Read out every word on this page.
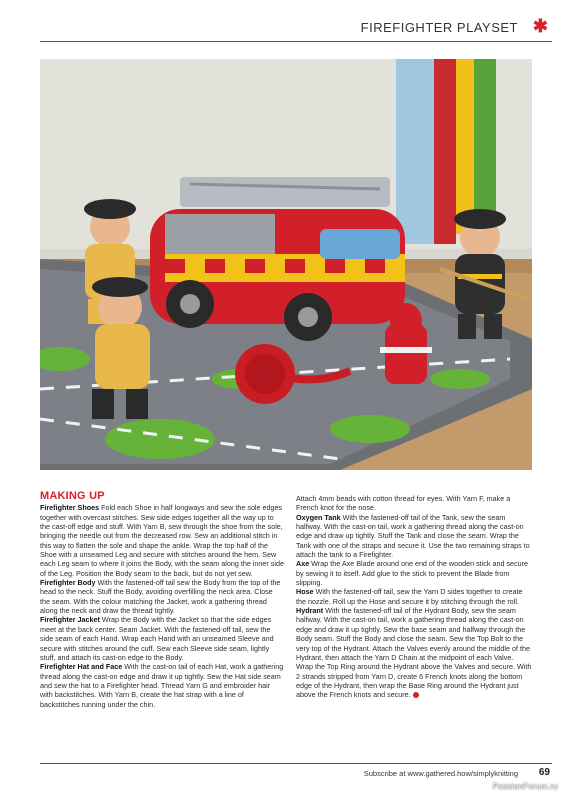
FIREFIGHTER PLAYSET ✱
MAKING UP

Firefighter Shoes Fold each Shoe in half longways and sew the sole edges together with overcast stitches. Sew side edges together all the way up to the cast-off edge and stuff. With Yarn B, sew through the shoe from the sole, bringing the needle out from the decreased row. Sew an additional stitch in this way to flatten the sole and shape the ankle. Wrap the top half of the Shoe with a unseamed Leg and secure with stitches around the hem. Sew each Leg seam to where it joins the Body, with the seam along the inner side of the Leg. Position the Body seam to the back, but do not yet sew.

Firefighter Body With the fastened-off tail sew the Body from the top of the head to the neck. Stuff the Body, avoiding overfilling the neck area. Close the seam. With the colour matching the Jacket, work a gathering thread along the neck and draw the thread tightly.

Firefighter Jacket Wrap the Body with the Jacket so that the side edges meet at the back center. Seam Jacket. With the fastened-off tail, sew the side seam of each Hand. Wrap each Hand with an unseamed Sleeve and secure with stitches around the cuff. Sew each Sleeve side seam, lightly stuff, and attach its cast-on edge to the Body.

Firefighter Hat and Face With the cast-on tail of each Hat, work a gathering thread along the cast-on edge and draw it up tightly. Sew the Hat side seam and sew the hat to a Firefighter head. Thread Yarn G and embroider hair with backstitches. With Yarn B, create the hat strap with a line of backstitches running under the chin.

Attach 4mm beads with cotton thread for eyes. With Yarn F, make a French knot for the nose.

Oxygen Tank With the fastened-off tail of the Tank, sew the seam halfway. With the cast-on tail, work a gathering thread along the cast-on edge and draw up tightly. Stuff the Tank and close the seam. Wrap the Tank with one of the straps and secure it. Use the two remaining straps to attach the tank to a Firefighter.

Axe Wrap the Axe Blade around one end of the wooden stick and secure by sewing it to itself. Add glue to the stick to prevent the Blade from slipping.

Hose With the fastened-off tail, sew the Yarn D sides together to create the nozzle. Roll up the Hose and secure it by stitching through the roll.

Hydrant With the fastened-off tail of the Hydrant Body, sew the seam halfway. With the cast-on tail, work a gathering thread along the cast-on edge and draw it up tightly. Sew the base seam and halfway through the Body seam. Stuff the Body and close the seam. Sew the Top Bolt to the very top of the Hydrant. Attach the Valves evenly around the middle of the Hydrant, then attach the Yarn D Chain at the midpoint of each Valve. Wrap the Top Ring around the Hydrant above the Valves and secure. With 2 strands stripped from Yarn D, create 6 French knots along the bottom edge of the Hydrant, then wrap the Base Ring around the Hydrant just above the French knots and secure.

Subscribe at www.gathered.how/simplyknitting 69
PassionForum.ru
